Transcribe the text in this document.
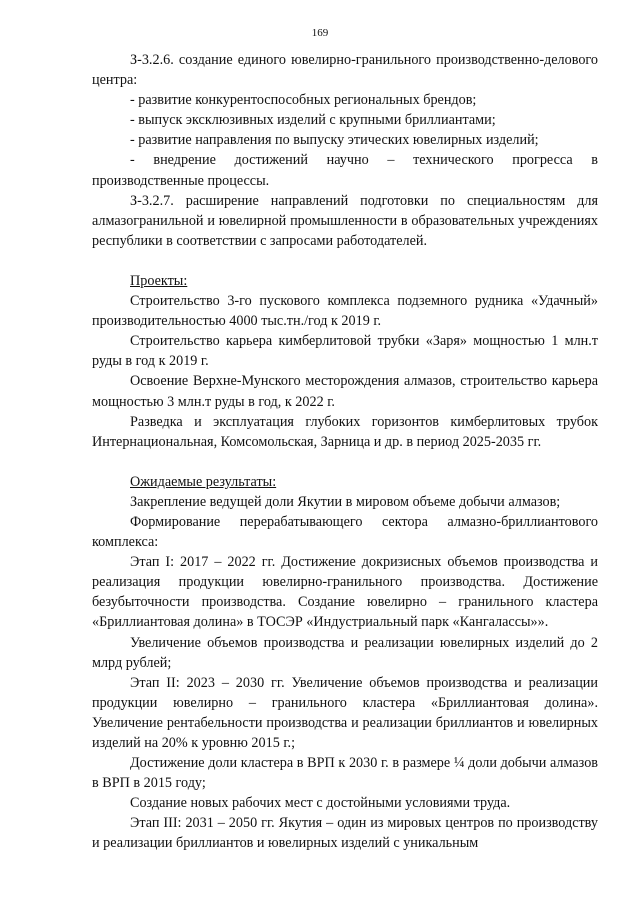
169

З-3.2.6. создание единого ювелирно-гранильного производственно-делового центра:

- развитие конкурентоспособных региональных брендов;

- выпуск эксклюзивных изделий с крупными бриллиантами;

- развитие направления по выпуску этических ювелирных изделий;

- внедрение достижений научно – технического прогресса в производственные процессы.

З-3.2.7. расширение направлений подготовки по специальностям для алмазогранильной и ювелирной промышленности в образовательных учреждениях республики в соответствии с запросами работодателей.

Проекты:

Строительство 3-го пускового комплекса подземного рудника «Удачный» производительностью 4000 тыс.тн./год к 2019 г.

Строительство карьера кимберлитовой трубки «Заря» мощностью 1 млн.т руды в год к 2019 г.

Освоение Верхне-Мунского месторождения алмазов, строительство карьера мощностью 3 млн.т руды в год, к 2022 г.

Разведка и эксплуатация глубоких горизонтов кимберлитовых трубок Интернациональная, Комсомольская, Зарница и др. в период 2025-2035 гг.

Ожидаемые результаты:

Закрепление ведущей доли Якутии в мировом объеме добычи алмазов;

Формирование перерабатывающего сектора алмазно-бриллиантового комплекса:

Этап I: 2017 – 2022 гг. Достижение докризисных объемов производства и реализация продукции ювелирно-гранильного производства. Достижение безубыточности производства. Создание ювелирно – гранильного кластера «Бриллиантовая долина» в ТОСЭР «Индустриальный парк «Кангаласcы»».

Увеличение объемов производства и реализации ювелирных изделий до 2 млрд рублей;

Этап II: 2023 – 2030 гг. Увеличение объемов производства и реализации продукции ювелирно – гранильного кластера «Бриллиантовая долина». Увеличение рентабельности производства и реализации бриллиантов и ювелирных изделий на 20% к уровню 2015 г.;

Достижение доли кластера в ВРП к 2030 г. в размере ¼ доли добычи алмазов в ВРП в 2015 году;

Создание новых рабочих мест с достойными условиями труда.

Этап III: 2031 – 2050 гг. Якутия – один из мировых центров по производству и реализации бриллиантов и ювелирных изделий с уникальным
